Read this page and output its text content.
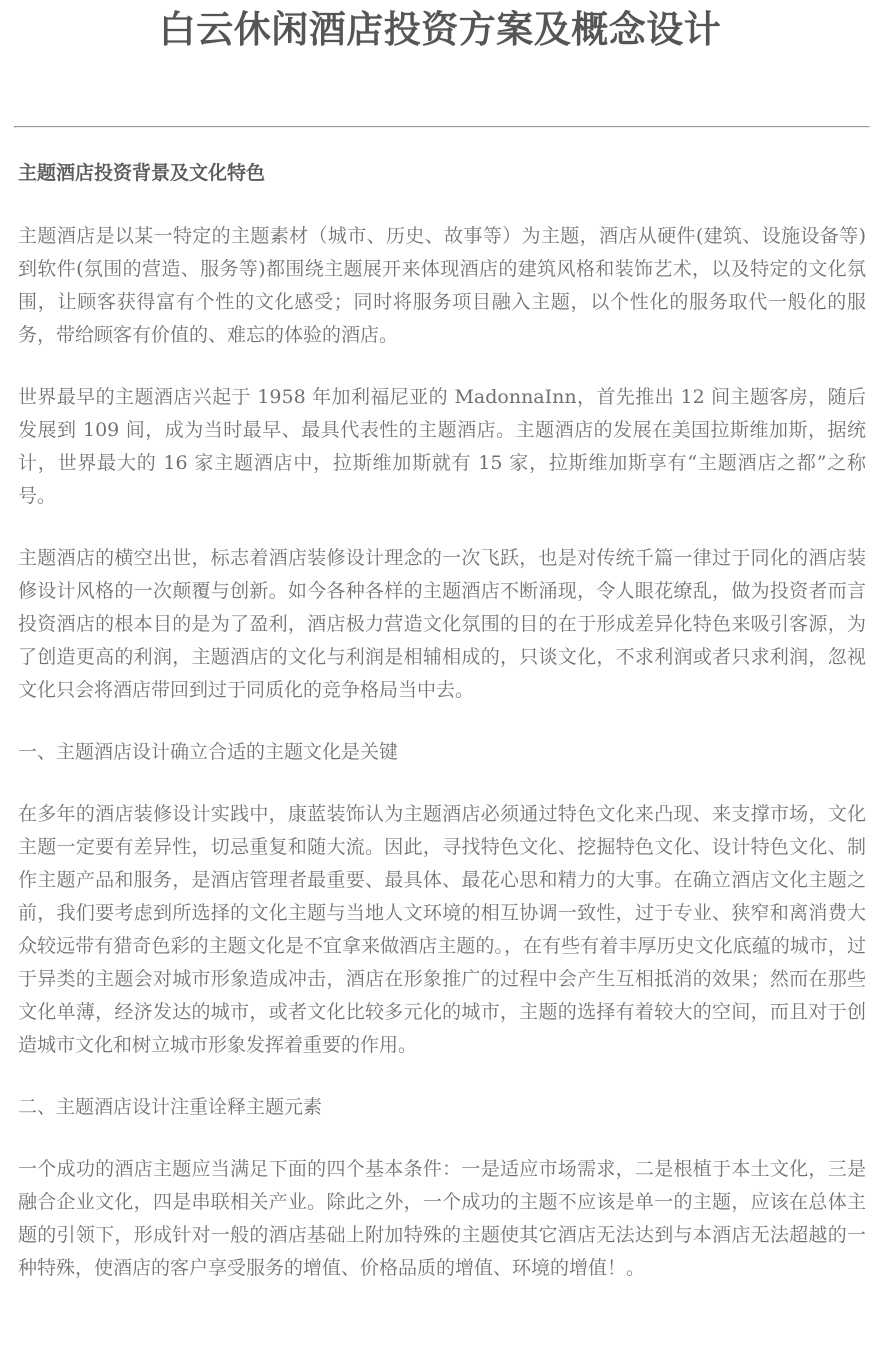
白云休闲酒店投资方案及概念设计
主题酒店投资背景及文化特色

主题酒店是以某一特定的主题素材（城市、历史、故事等）为主题，酒店从硬件(建筑、设施设备等)到软件(氛围的营造、服务等)都围绕主题展开来体现酒店的建筑风格和装饰艺术，以及特定的文化氛围，让顾客获得富有个性的文化感受；同时将服务项目融入主题，以个性化的服务取代一般化的服务，带给顾客有价值的、难忘的体验的酒店。

世界最早的主题酒店兴起于 1958 年加利福尼亚的 MadonnaInn，首先推出 12 间主题客房，随后发展到 109 间，成为当时最早、最具代表性的主题酒店。主题酒店的发展在美国拉斯维加斯，据统计，世界最大的 16 家主题酒店中，拉斯维加斯就有 15 家，拉斯维加斯享有“主题酒店之都”之称号。

主题酒店的横空出世，标志着酒店装修设计理念的一次飞跃，也是对传统千篇一律过于同化的酒店装修设计风格的一次颠覆与创新。如今各种各样的主题酒店不断涌现，令人眼花缭乱，做为投资者而言投资酒店的根本目的是为了盈利，酒店极力营造文化氛围的目的在于形成差异化特色来吸引客源，为了创造更高的利润，主题酒店的文化与利润是相辅相成的，只谈文化，不求利润或者只求利润，忽视文化只会将酒店带回到过于同质化的竞争格局当中去。

一、主题酒店设计确立合适的主题文化是关键

在多年的酒店装修设计实践中，康蓝装饰认为主题酒店必须通过特色文化来凸现、来支撑市场，文化主题一定要有差异性，切忌重复和随大流。因此，寻找特色文化、挖掘特色文化、设计特色文化、制作主题产品和服务，是酒店管理者最重要、最具体、最花心思和精力的大事。在确立酒店文化主题之前，我们要考虑到所选择的文化主题与当地人文环境的相互协调一致性，过于专业、狭窄和离消费大众较远带有猎奇色彩的主题文化是不宜拿来做酒店主题的。，在有些有着丰厚历史文化底蕴的城市，过于异类的主题会对城市形象造成冲击，酒店在形象推广的过程中会产生互相抵消的效果；然而在那些文化单薄，经济发达的城市，或者文化比较多元化的城市，主题的选择有着较大的空间，而且对于创造城市文化和树立城市形象发挥着重要的作用。

二、主题酒店设计注重诠释主题元素

一个成功的酒店主题应当满足下面的四个基本条件：一是适应市场需求，二是根植于本土文化，三是融合企业文化，四是串联相关产业。除此之外，一个成功的主题不应该是单一的主题，应该在总体主题的引领下，形成针对一般的酒店基础上附加特殊的主题使其它酒店无法达到与本酒店无法超越的一种特殊，使酒店的客户享受服务的增值、价格品质的增值、环境的增值！。
